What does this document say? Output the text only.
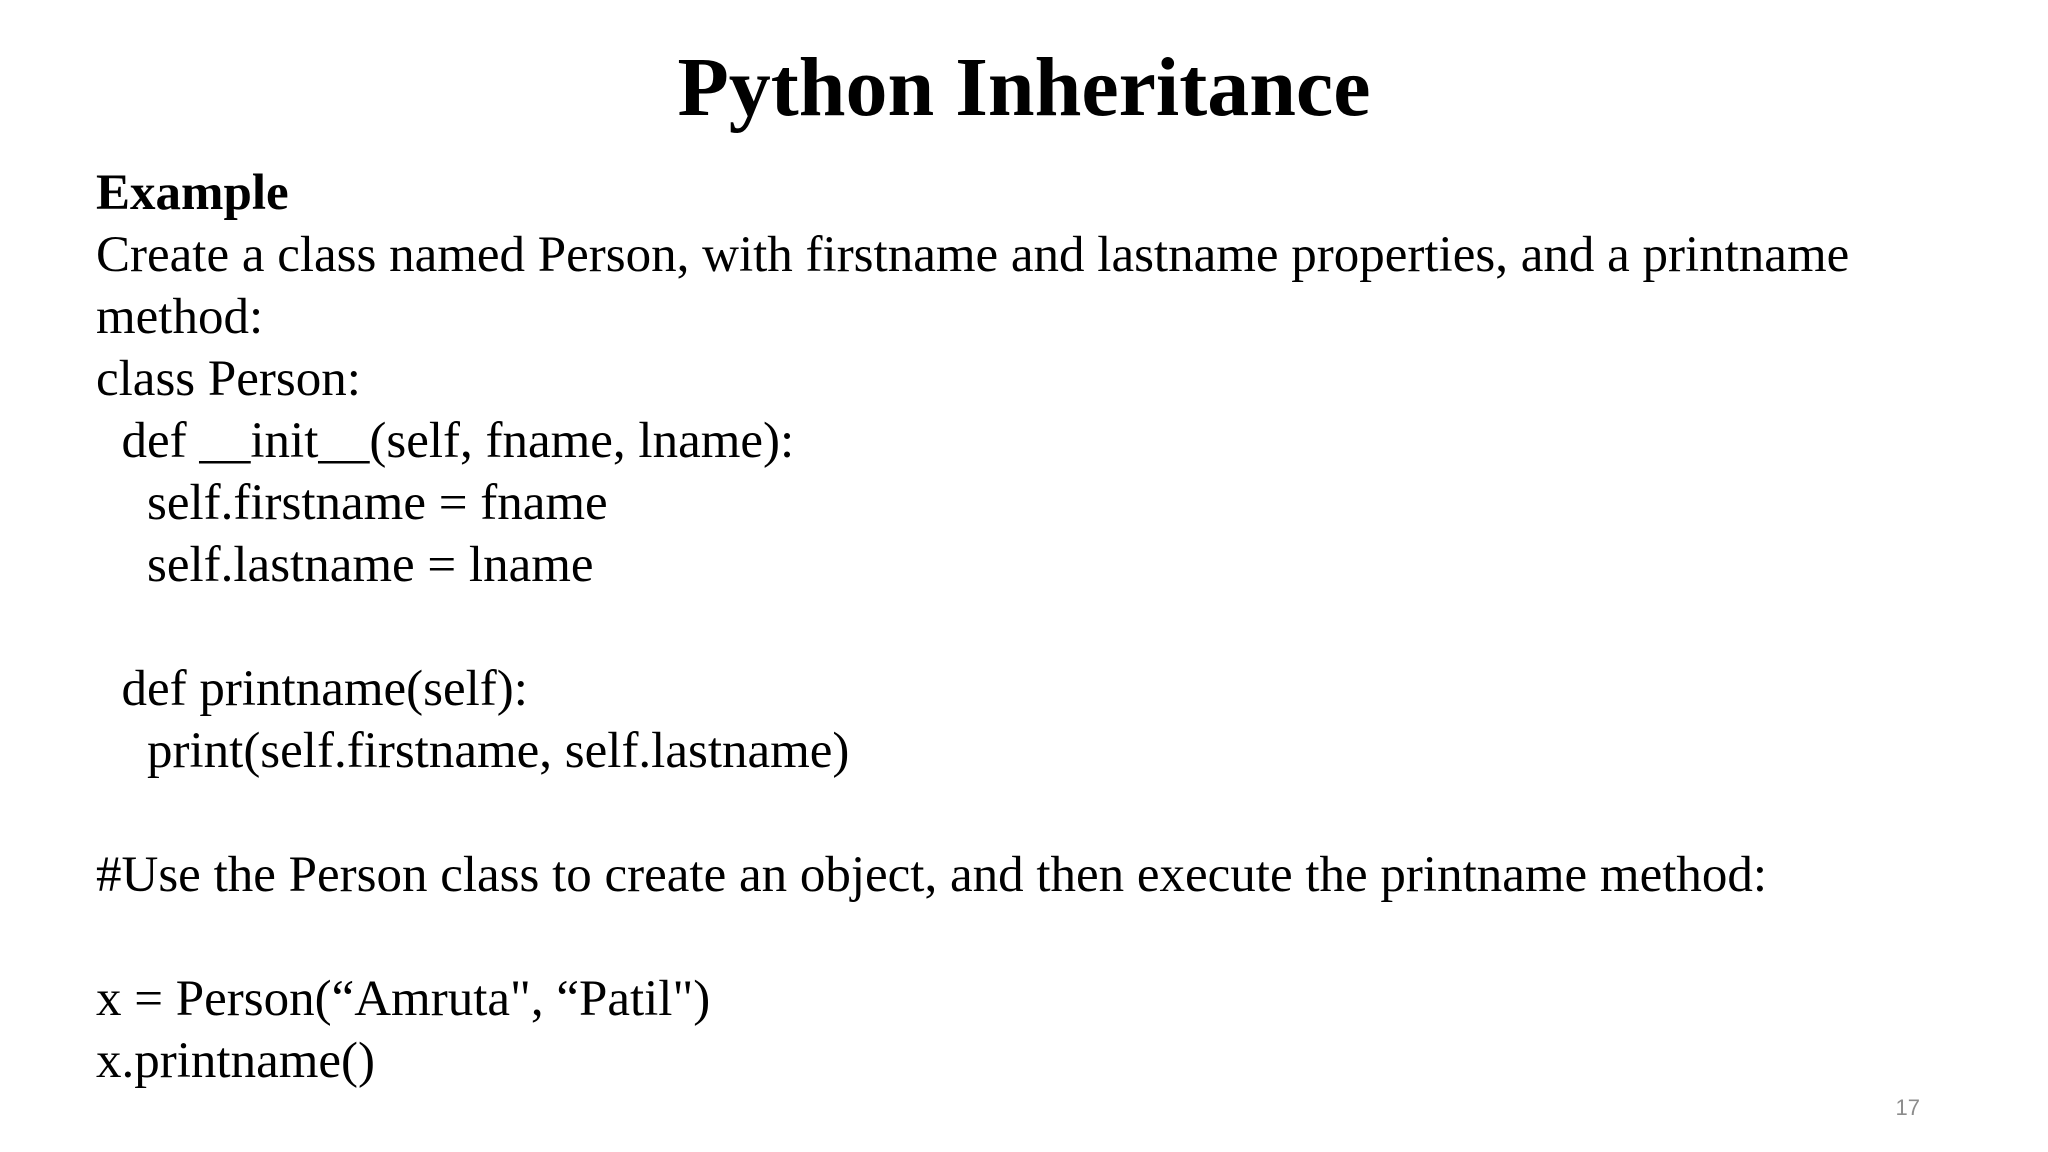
Python Inheritance
Example
Create a class named Person, with firstname and lastname properties, and a printname
method:
class Person:
def __init__(self, fname, lname):
self.firstname = fname
self.lastname = lname
def printname(self):
print(self.firstname, self.lastname)
#Use the Person class to create an object, and then execute the printname method:
x = Person(“Amruta", “Patil")
x.printname()
17
